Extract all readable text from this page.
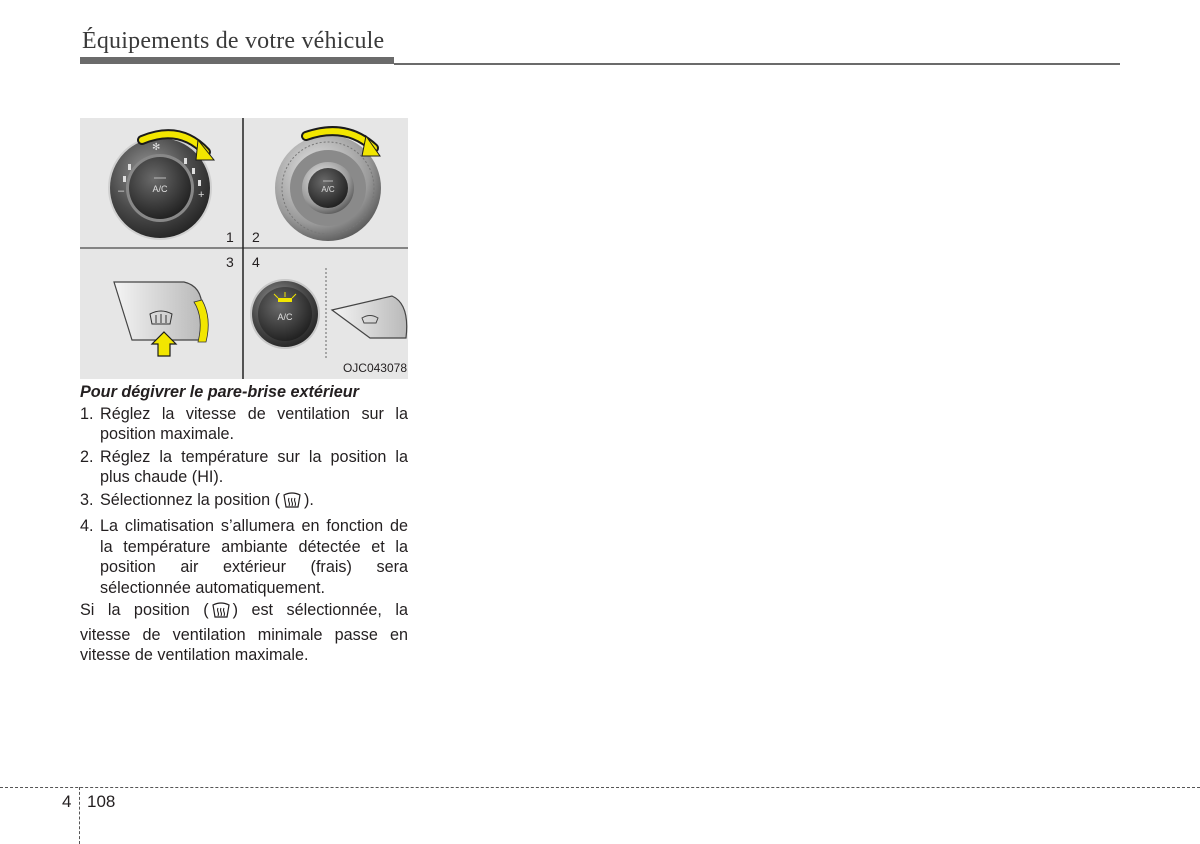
Équipements de votre véhicule
A/C
–	+
✻
A/C
A/C
1 2
3 4
OJC043078
Pour dégivrer le pare-brise extérieur
1. Réglez la vitesse de ventilation sur la position maximale.
2. Réglez la température sur la position la plus chaude (HI).
3. Sélectionnez la position ( ).
4. La climatisation s’allumera en fonction de la température ambiante détectée et la position air extérieur (frais) sera sélectionnée automatiquement.
Si la position ( ) est sélectionnée, la vitesse de ventilation minimale passe en vitesse de ventilation maximale.
4 108
